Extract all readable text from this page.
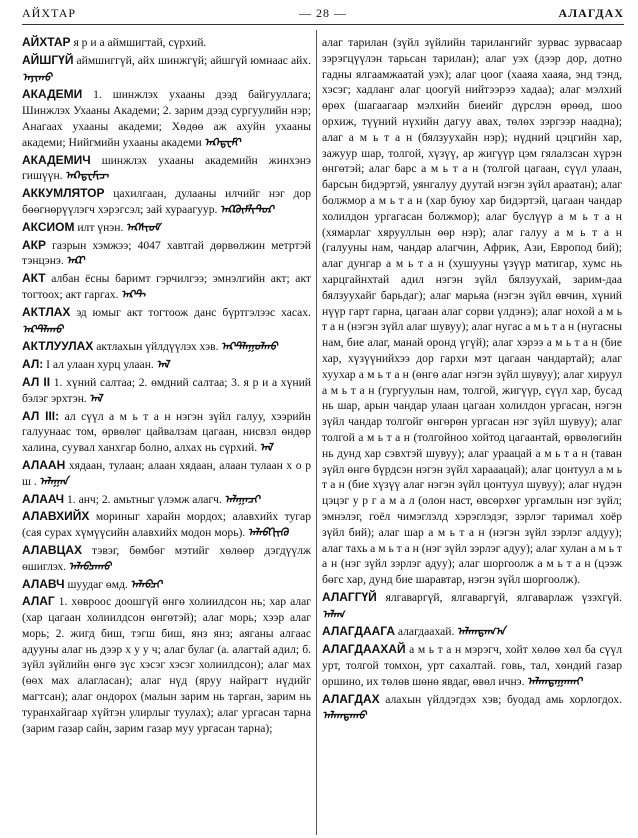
АЙХТАР	— 28 —	АЛАГДАХ

АЙХТАР я р и а аймшигтай, сүрхий.

АЙШГҮЙ аймшиггүй, айх шинжгүй; айшгүй юмнаас айх. ᠠᠶᠢᠬᠤ

АКАДЕМИ 1. шинжлэх ухааны дээд байгууллага; Шинжлэх Ухааны Академи; 2. зарим дээд сургуулийн нэр; Анагаах ухааны академи; Хөдөө аж ахуйн ухааны академи; Нийгмийн ухааны академи ᠠᠺᠠᠳ᠋ᠧᠮᠢ

АКАДЕМИЧ шинжлэх ухааны академийн жинхэнэ гишүүн. ᠠᠺᠠᠳ᠋ᠧᠮᠢᠴ

АККУМЛЯТОР цахилгаан, дулааны илчийг нэг дор бөөгнөрүүлэгч хэрэгсэл; зай хураагуур. ᠠᠺᠺᠦ᠋ᠮᠯᠢᠲ᠋ᠣᠷ

АКСИОМ илт үнэн. ᠠᠺᠰᠢᠣᠮ

АКР газрын хэмжээ; 4047 хавтгай дөрвөлжин метртэй тэнцэнэ. ᠠᠺᠷ

АКТ албан ёсны баримт гэрчилгээ; эмнэлгийн акт; акт тогтоох; акт гаргах. ᠠᠺᠲ

АКТЛАХ эд юмыг акт тогтоож данс бүртгэлээс хасах. ᠠᠺᠲᠯᠠᠬᠤ

АКТЛУУЛАХ актлахын үйлдүүлэх хэв. ᠠᠺᠲᠯᠠᠭᠤᠯᠬᠤ

АЛ: I ал улаан хурц улаан. ᠠᠯ

АЛ II 1. хүний салтаа; 2. өмдний салтаа; 3. я р и а хүний бэлэг эрхтэн. ᠠᠯ

АЛ III: ал сүүл а м ь т а н нэгэн зүйл галуу, хээрийн галуунаас том, өрвөлөг цайвалзам цагаан, нисвэл өндөр халина, суувал ханхгар болно, алхах нь сүрхий. ᠠᠯ

АЛААН хядаан, тулаан; алаан хядаан, алаан тулаан х о р ш . ᠠᠯᠠᠭᠠᠨ

АЛААЧ 1. анч; 2. амьтныг үлэмж алагч. ᠠᠯᠠᠭᠠᠴᠢ

АЛАВХИЙХ мориныг харайн мордох; алавхийх тугар (сая сурах хүмүүсийн алавхийх модон морь). ᠠᠯᠠᠪᠬᠢᠢᠬᠦ

АЛАВЦАХ тэвэг, бөмбөг мэтийг хөлөөр дэгдүүлж өшиглэх. ᠠᠯᠠᠪᠴᠠᠬᠤ

АЛАВЧ шуудаг өмд. ᠠᠯᠠᠪᠴᠢ

АЛАГ 1. хөвроос доошгүй өнгө холиилдсон нь; хар алаг (хар цагаан холиилдсон өнгөтэй); алаг морь; хээр алаг морь; 2. жигд биш, тэгш биш, янз янз; аяганы алгаас адууны алаг нь дээр х у у ч; алаг булаг (а. алагтай адил; б. зүйл зүйлийн өнгө зүс хэсэг хэсэг холиилдсон); алаг мах (өөх мах алагласан); алаг нүд (яруу найрагт нүдийг магтсан); алаг ондорох (малын зарим нь тарган, зарим нь туранхайгаар хүйтэн улирлыг туулах); алаг ургасан тарна (зарим газар сайн, зарим газар муу ургасан тарна);

алаг тарилан (зүйл зүйлийн тарилангийг зурвас зурвасаар зэрэгцүүлэн тарьсан тарилан); алаг уэх (дээр дор, дотно гадны ялгаамжаатай уэх); алаг цоог (хааяа хааяа, энд тэнд, хэсэг; хадланг алаг цоогуй нийтээрээ хадаа); алаг мэлхий өрөх (шагаагаар мэлхийн биеийг дүрслэн өрөөд, шоо орхиж, түүний нүхийн дагуу авах, төлөх зэргээр наадна); алаг а м ь т а н (бялзуухайн нэр); нүдний цэцгийн хар, зажуур шар, толгой, хүзүү, ар жигүүр цэм гялалзсан хүрэн өнгөтэй; алаг барс а м ь т а н (толгой цагаан, сүүл улаан, барсын бидэртэй, уянгалуу дуутай нэгэн зүйл араатан); алаг болжмор а м ь т а н (хар буюу хар бидэртэй, цагаан чандар холилдон ургагасан болжмор); алаг буслүүр а м ь т а н (хямарлаг хярууллын өөр нэр); алаг галуу а м ь т а н (галууны нам, чандар алагчин, Африк, Ази, Европод бий); алаг дунгар а м ь т а н (хушууны үзүүр матигар, хумс нь харцгайнхтай адил нэгэн зүйл бялзуухай, зарим-даа бялзуухайг барьдаг); алаг марьяа (нэгэн зүйл өвчин, хүний нүүр гарт гарна, цагаан алаг сорви үлдэнэ); алаг нохой а м ь т а н (нэгэн зүйл алаг шувуу); алаг нугас а м ь т а н (нугасны нам, бие алаг, манай оронд үгүй); алаг хэрээ а м ь т а н (бие хар, хүзүүнийхээ дор гархи мэт цагаан чандартай); алаг хуухар а м ь т а н (өнгө алаг нэгэн зүйл шувуу); алаг хируул а м ь т а н (гургуулын нам, толгой, жигүүр, сүүл хар, бусад нь шар, арын чандар улаан цагаан холилдон ургасан, нэгэн зүйл чандар толгойг өнгөрөн ургасан нэг зүйл шувуу); алаг толгой а м ь т а н (толгойноо хойтод цагаантай, өрвөлөгийн нь дунд хар сэвхтэй шувуу); алаг ураацай а м ь т а н (таван зүйл өнгө бүрдсэн нэгэн зүйл харааацай); алаг цонтуул а м ь т а н (бие хүзүү алаг нэгэн зүйл цонтуул шувуу); алаг нүдэн цэцэг у р г а м а л (олон наст, өвсөрхөг ургамлын нэг зүйл; эмнэлэг, гоёл чимэглэлд хэрэглэдэг, зэрлэг таримал хоёр зүйл бий); алаг шар а м ь т а н (нэгэн зүйл зэрлэг алдуу); алаг тахь а м ь т а н (нэг зүйл зэрлэг адуу); алаг хулан а м ь т а н (нэг зүйл зэрлэг адуу); алаг шоргоолж а м ь т а н (цээж бөгс хар, дунд бие шаравтар, нэгэн зүйл шоргоолж).

АЛАГГҮЙ ялгаваргүй, ялгаваргүй, ялгаварлаж үзэхгүй. ᠠᠯᠠᠭ

АЛАГДААГА алагдаахай. ᠠᠯᠠᠭᠳᠠᠭ᠎ᠠ

АЛАГДААХАЙ а м ь т а н мэрэгч, хойт хөлөө хөл ба сүүл урт, толгой томхон, урт сахалтай. говь, тал, хөндий газар оршино, их төлөв шөнө явдаг, өвөл ичнэ. ᠠᠯᠠᠭᠳᠠᠭᠠᠬᠠᠢ

АЛАГДАХ алахын үйлдэгдэх хэв; буодад амь хорлогдох. ᠠᠯᠠᠭᠳᠠᠬᠤ
